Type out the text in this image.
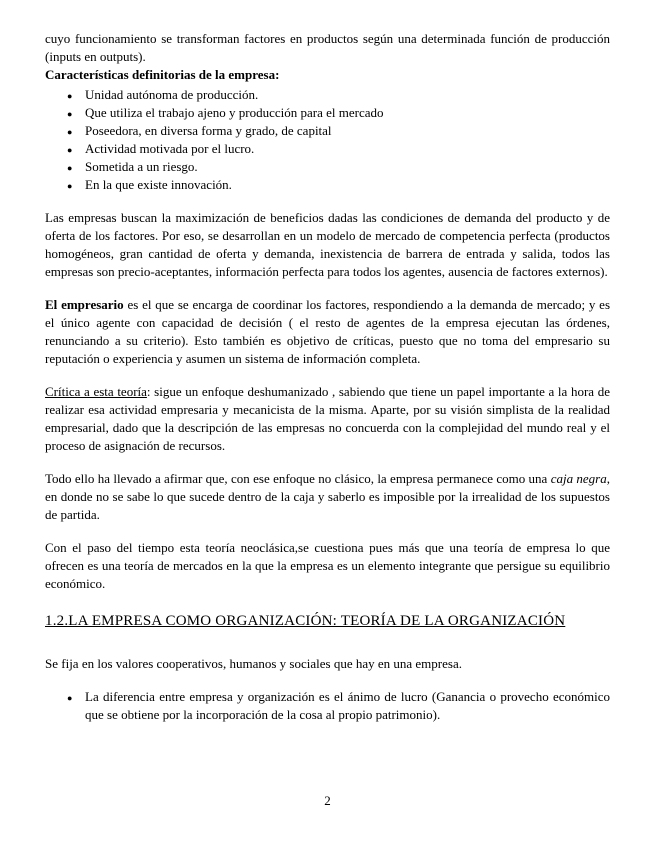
cuyo funcionamiento se transforman factores en productos según una determinada función de producción (inputs en outputs).

Características definitorias de la empresa:

● Unidad autónoma de producción.
● Que utiliza el trabajo ajeno y producción para el mercado
● Poseedora, en diversa forma y grado, de capital
● Actividad motivada por el lucro.
● Sometida a un riesgo.
● En la que existe innovación.

Las empresas buscan la maximización de beneficios dadas las condiciones de demanda del producto y de oferta de los factores. Por eso, se desarrollan en un modelo de mercado de competencia perfecta (productos homogéneos, gran cantidad de oferta y demanda, inexistencia de barrera de entrada y salida, todos las empresas son precio-aceptantes, información perfecta para todos los agentes, ausencia de factores externos).

El empresario es el que se encarga de coordinar los factores, respondiendo a la demanda de mercado; y es el único agente con capacidad de decisión ( el resto de agentes de la empresa ejecutan las órdenes, renunciando a su criterio). Esto también es objetivo de críticas, puesto que no toma del empresario su reputación o experiencia y asumen un sistema de información completa.

Crítica a esta teoría: sigue un enfoque deshumanizado , sabiendo que tiene un papel importante a la hora de realizar esa actividad empresaria y mecanicista de la misma. Aparte, por su visión simplista de la realidad empresarial, dado que la descripción de las empresas no concuerda con la complejidad del mundo real y el proceso de asignación de recursos.

Todo ello ha llevado a afirmar que, con ese enfoque no clásico, la empresa permanece como una caja negra, en donde no se sabe lo que sucede dentro de la caja y saberlo es imposible por la irrealidad de los supuestos de partida.

Con el paso del tiempo esta teoría neoclásica,se cuestiona pues más que una teoría de empresa lo que ofrecen es una teoría de mercados en la que la empresa es un elemento integrante que persigue su equilibrio económico.

1.2.LA EMPRESA COMO ORGANIZACIÓN: TEORÍA DE LA ORGANIZACIÓN

Se fija en los valores cooperativos, humanos y sociales que hay en una empresa.

● La diferencia entre empresa y organización es el ánimo de lucro (Ganancia o provecho económico que se obtiene por la incorporación de la cosa al propio patrimonio).
2
